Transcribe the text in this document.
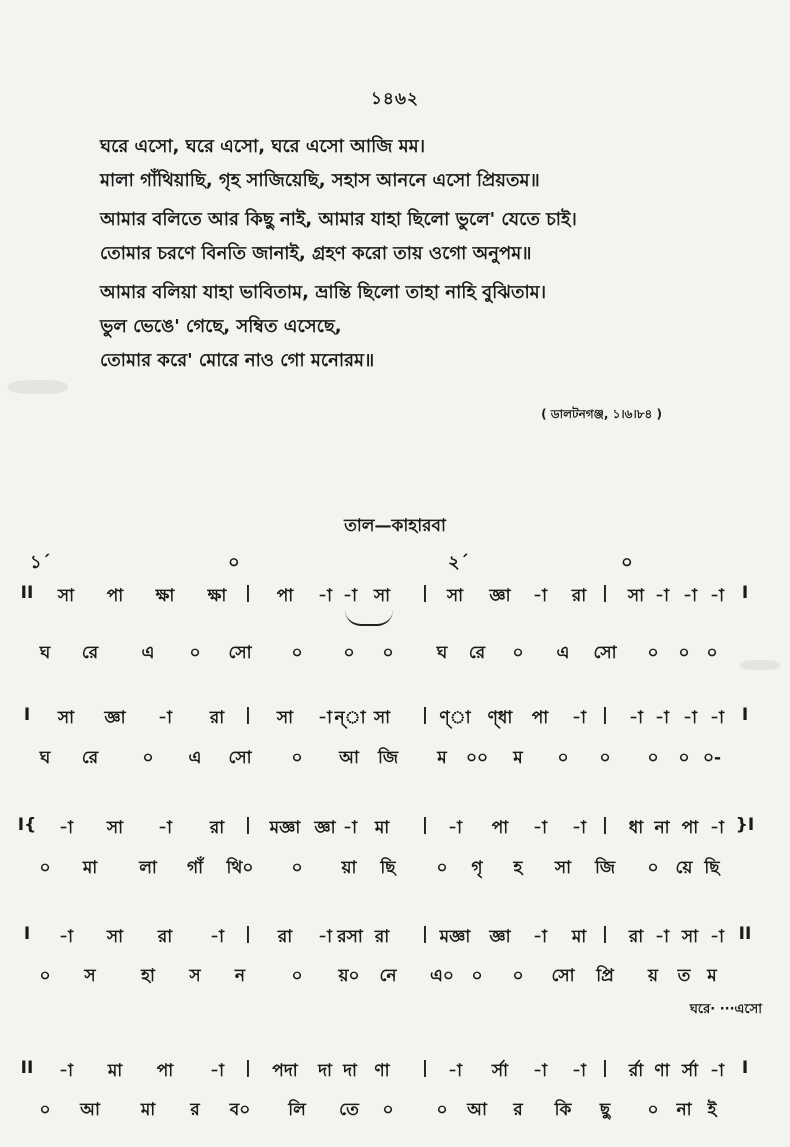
১৪৬২
ঘরে এসো, ঘরে এসো, ঘরে এসো আজি মম।
মালা গাঁথিয়াছি, গৃহ সাজিয়েছি, সহাস আননে এসো প্রিয়তম॥
আমার বলিতে আর কিছু নাই, আমার যাহা ছিলো ভুলে' যেতে চাই।
তোমার চরণে বিনতি জানাই, গ্রহণ করো তায় ওগো অনুপম॥
আমার বলিয়া যাহা ভাবিতাম, ভ্রান্তি ছিলো তাহা নাহি বুঝিতাম।
ভুল ভেঙে' গেছে, সম্বিত এসেছে,
তোমার করে' মোরে নাও গো মনোরম॥
( ডালটনগঞ্জ, ১।৬।৮৪ )
তাল—কাহারবা
১´	০	২´	০
II সা পা ক্ষা ক্ষা | পা -া -া সা | সা জ্ঞা -া রা | সা -া -া -া I
ঘ রে	এ ০ সো ০ ০ ০	ঘ রে ০ এ সো ০ ০ ০
I সা জ্ঞা -া রা | সা -া ন্া সা | ণ্া ণ্ধা পা -া | -া -া -া -া I
ঘ রে	০ এ সো ০ আ জি ম ০০ ম ০ ০ ০ ০ ০-
I{ -া সা -া রা | মজ্ঞা জ্ঞা -া মা | -া পা -া -া | ধা না পা -া }I
০ মা লা গাঁ থি০ ০ য়া ছি ০ গৃ হ সা জি ০ য়ে ছি
I -া সা রা -া | রা -া রসা রা | মজ্ঞা জ্ঞা -া মা | রা -া সা -া II
০ স	হা স ন	০ য়০ নে এ০ ০ ০ সো প্রি য় ত ম
II -া মা পা -া | পদা দা দা ণা | -া র্সা -া -া | র্রা ণা র্সা -া I
০ আ মা র ব০ লি তে ০	০ আ র কি ছু ০ না ই
ঘরে· ···এসো
